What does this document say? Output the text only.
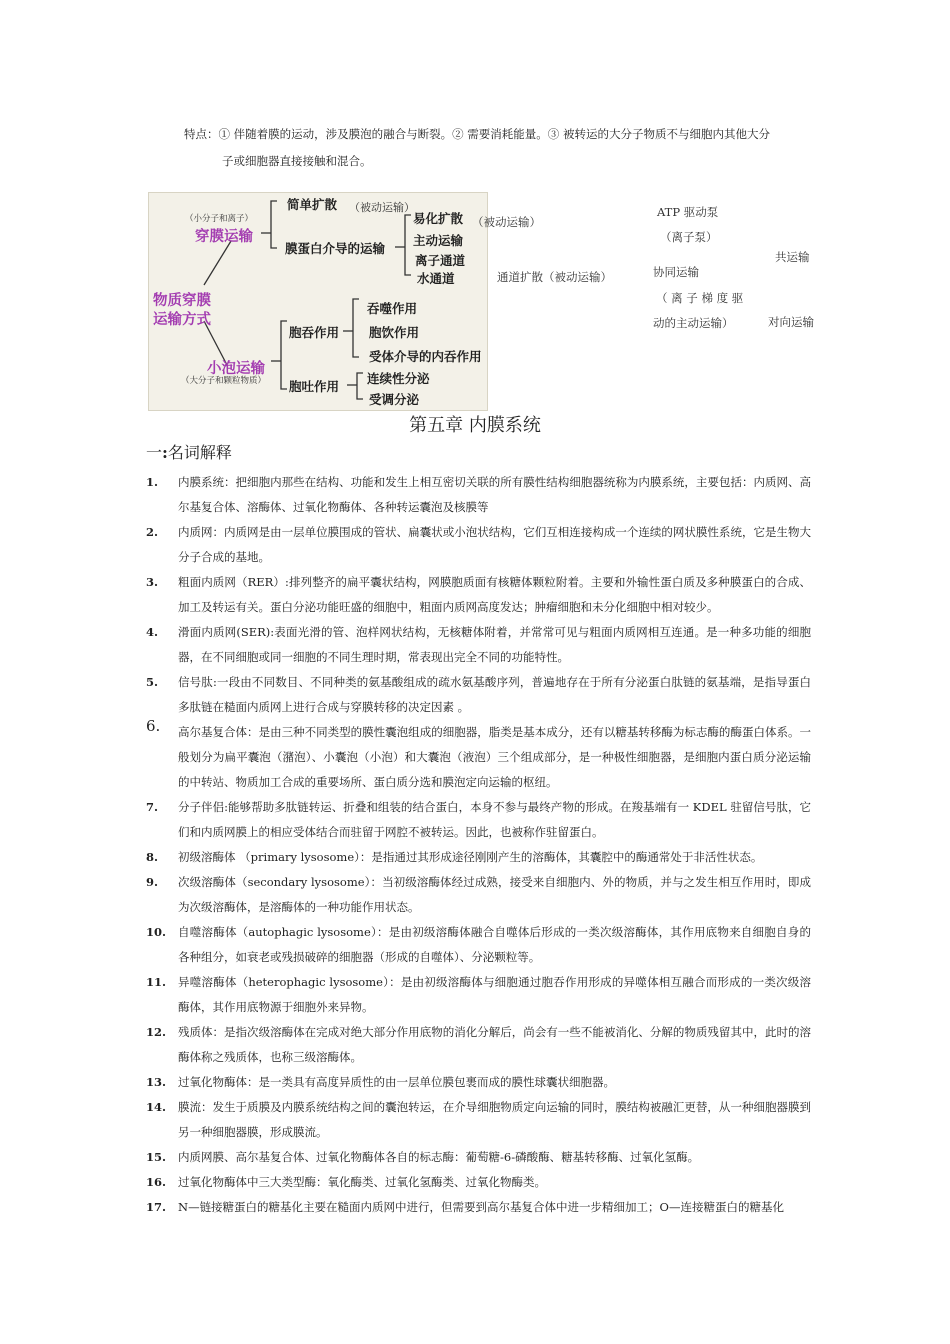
特点：① 伴随着膜的运动，涉及膜泡的融合与断裂。② 需要消耗能量。③ 被转运的大分子物质不与细胞内其他大分
子或细胞器直接接触和混合。
物质穿膜
运输方式
（小分子和离子）
穿膜运输
小泡运输
（大分子和颗粒物质）
简单扩散 （被动运输）
膜蛋白介导的运输
易化扩散
主动运输
离子通道
水通道
胞吞作用
吞噬作用
胞饮作用
受体介导的内吞作用
胞吐作用
连续性分泌
受调分泌
（被动运输）
通道扩散（被动运输）
ATP 驱动泵
（离子泵）
协同运输
（ 离 子 梯 度 驱
动的主动运输）
共运输
对向运输
第五章 内膜系统
一:名词解释
1. 内膜系统：把细胞内那些在结构、功能和发生上相互密切关联的所有膜性结构细胞器统称为内膜系统，主要包括：内质网、高尔基复合体、溶酶体、过氧化物酶体、各种转运囊泡及核膜等
2. 内质网：内质网是由一层单位膜围成的管状、扁囊状或小泡状结构，它们互相连接构成一个连续的网状膜性系统，它是生物大分子合成的基地。
3. 粗面内质网（RER）:排列整齐的扁平囊状结构，网膜胞质面有核糖体颗粒附着。主要和外输性蛋白质及多种膜蛋白的合成、加工及转运有关。蛋白分泌功能旺盛的细胞中，粗面内质网高度发达；肿瘤细胞和未分化细胞中相对较少。
4. 滑面内质网(SER):表面光滑的管、泡样网状结构，无核糖体附着，并常常可见与粗面内质网相互连通。是一种多功能的细胞器，在不同细胞或同一细胞的不同生理时期，常表现出完全不同的功能特性。
5. 信号肽:一段由不同数目、不同种类的氨基酸组成的疏水氨基酸序列，普遍地存在于所有分泌蛋白肽链的氨基端，是指导蛋白多肽链在糙面内质网上进行合成与穿膜转移的决定因素 。
6. 高尔基复合体：是由三种不同类型的膜性囊泡组成的细胞器，脂类是基本成分，还有以糖基转移酶为标志酶的酶蛋白体系。一般划分为扁平囊泡（潴泡）、小囊泡（小泡）和大囊泡（液泡）三个组成部分，是一种极性细胞器，是细胞内蛋白质分泌运输的中转站、物质加工合成的重要场所、蛋白质分选和膜泡定向运输的枢纽。
7. 分子伴侣:能够帮助多肽链转运、折叠和组装的结合蛋白，本身不参与最终产物的形成。在羧基端有一 KDEL 驻留信号肽，它们和内质网膜上的相应受体结合而驻留于网腔不被转运。因此，也被称作驻留蛋白。
8. 初级溶酶体 （primary lysosome）：是指通过其形成途径刚刚产生的溶酶体，其囊腔中的酶通常处于非活性状态。
9. 次级溶酶体（secondary lysosome）：当初级溶酶体经过成熟，接受来自细胞内、外的物质，并与之发生相互作用时，即成为次级溶酶体，是溶酶体的一种功能作用状态。
10. 自噬溶酶体（autophagic lysosome）：是由初级溶酶体融合自噬体后形成的一类次级溶酶体，其作用底物来自细胞自身的各种组分，如衰老或残损破碎的细胞器（形成的自噬体）、分泌颗粒等。
11. 异噬溶酶体（heterophagic lysosome）：是由初级溶酶体与细胞通过胞吞作用形成的异噬体相互融合而形成的一类次级溶酶体，其作用底物源于细胞外来异物。
12. 残质体：是指次级溶酶体在完成对绝大部分作用底物的消化分解后，尚会有一些不能被消化、分解的物质残留其中，此时的溶酶体称之残质体，也称三级溶酶体。
13. 过氧化物酶体：是一类具有高度异质性的由一层单位膜包裹而成的膜性球囊状细胞器。
14. 膜流：发生于质膜及内膜系统结构之间的囊泡转运，在介导细胞物质定向运输的同时，膜结构被融汇更替，从一种细胞器膜到另一种细胞器膜，形成膜流。
15. 内质网膜、高尔基复合体、过氧化物酶体各自的标志酶：葡萄糖-6-磷酸酶、糖基转移酶、过氧化氢酶。
16. 过氧化物酶体中三大类型酶：氧化酶类、过氧化氢酶类、过氧化物酶类。
17. N—链接糖蛋白的糖基化主要在糙面内质网中进行，但需要到高尔基复合体中进一步精细加工；O—连接糖蛋白的糖基化
